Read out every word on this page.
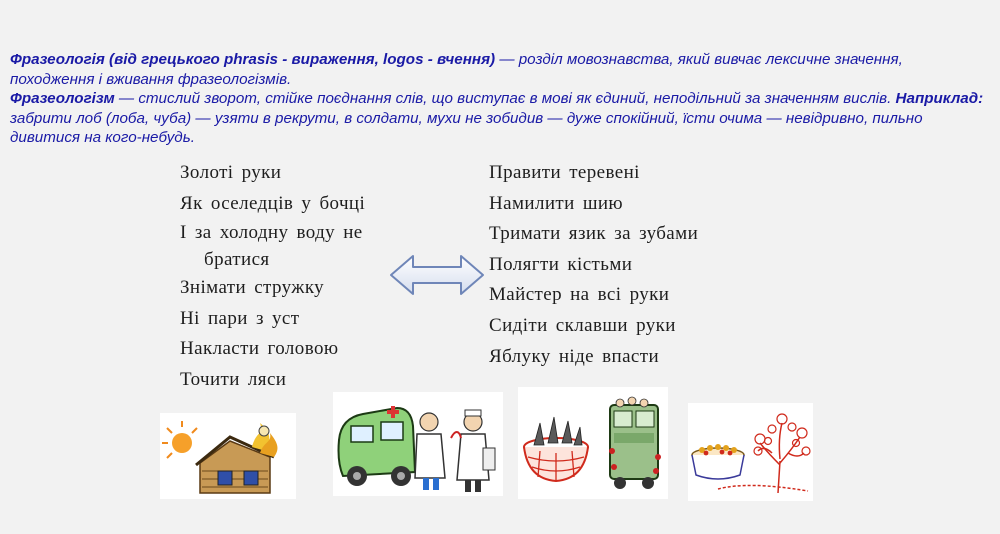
Фразеологія (від грецького phrasis - вираження, logos - вчення) — розділ мовознавства, який вивчає лексичне значення, походження і вживання фразеологізмів.

Фразеологізм — стислий зворот, стійке поєднання слів, що виступає в мові як єдиний, неподільний за значенням вислів. Наприклад: забрити лоб (лоба, чуба) — узяти в рекрути, в солдати, мухи не зобидив — дуже спокійний, їсти очима — невідривно, пильно дивитися на кого-небудь.

Золоті руки
Як оселедців у бочці
І за холодну воду не
братися
Знімати стружку
Ні пари з уст
Накласти головою
Точити ляси
Правити теревені
Намилити шию
Тримати язик за зубами
Полягти кістьми
Майстер на всі руки
Сидіти склавши руки
Яблуку ніде впасти
